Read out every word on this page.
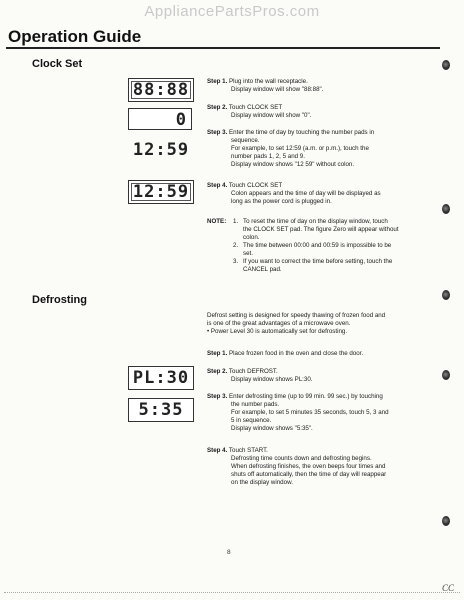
AppliancePartsPros.com
Operation Guide
Clock Set
88:88
0
12:59
12:59
Step 1. Plug into the wall receptacle.
Display window will show "88:88".
Step 2. Touch CLOCK SET
Display window will show "0".
Step 3. Enter the time of day by touching the number pads in
sequence.
For example, to set 12:59 (a.m. or p.m.), touch the
number pads 1, 2, 5 and 9.
Display window shows "12 59" without colon.
Step 4. Touch CLOCK SET
Colon appears and the time of day will be displayed as
long as the power cord is plugged in.
NOTE:	1. To reset the time of day on the display window, touch
the CLOCK SET pad. The figure Zero will appear without
colon.
2. The time between 00:00 and 00:59 is impossible to be
set.
3. If you want to correct the time before setting, touch the
CANCEL pad.
Defrosting
Defrost setting is designed for speedy thawing of frozen food and
is one of the great advantages of a microwave oven.
• Power Level 30 is automatically set for defrosting.
PL:30
5:35
Step 1. Place frozen food in the oven and close the door.
Step 2. Touch DEFROST.
Display window shows PL:30.
Step 3. Enter defrosting time (up to 99 min. 99 sec.) by touching
the number pads.
For example, to set 5 minutes 35 seconds, touch 5, 3 and
5 in sequence.
Display window shows "5:35".
Step 4. Touch START.
Defrosting time counts down and defrosting begins.
When defrosting finishes, the oven beeps four times and
shuts off automatically, then the time of day will reappear
on the display window.
8
CC
